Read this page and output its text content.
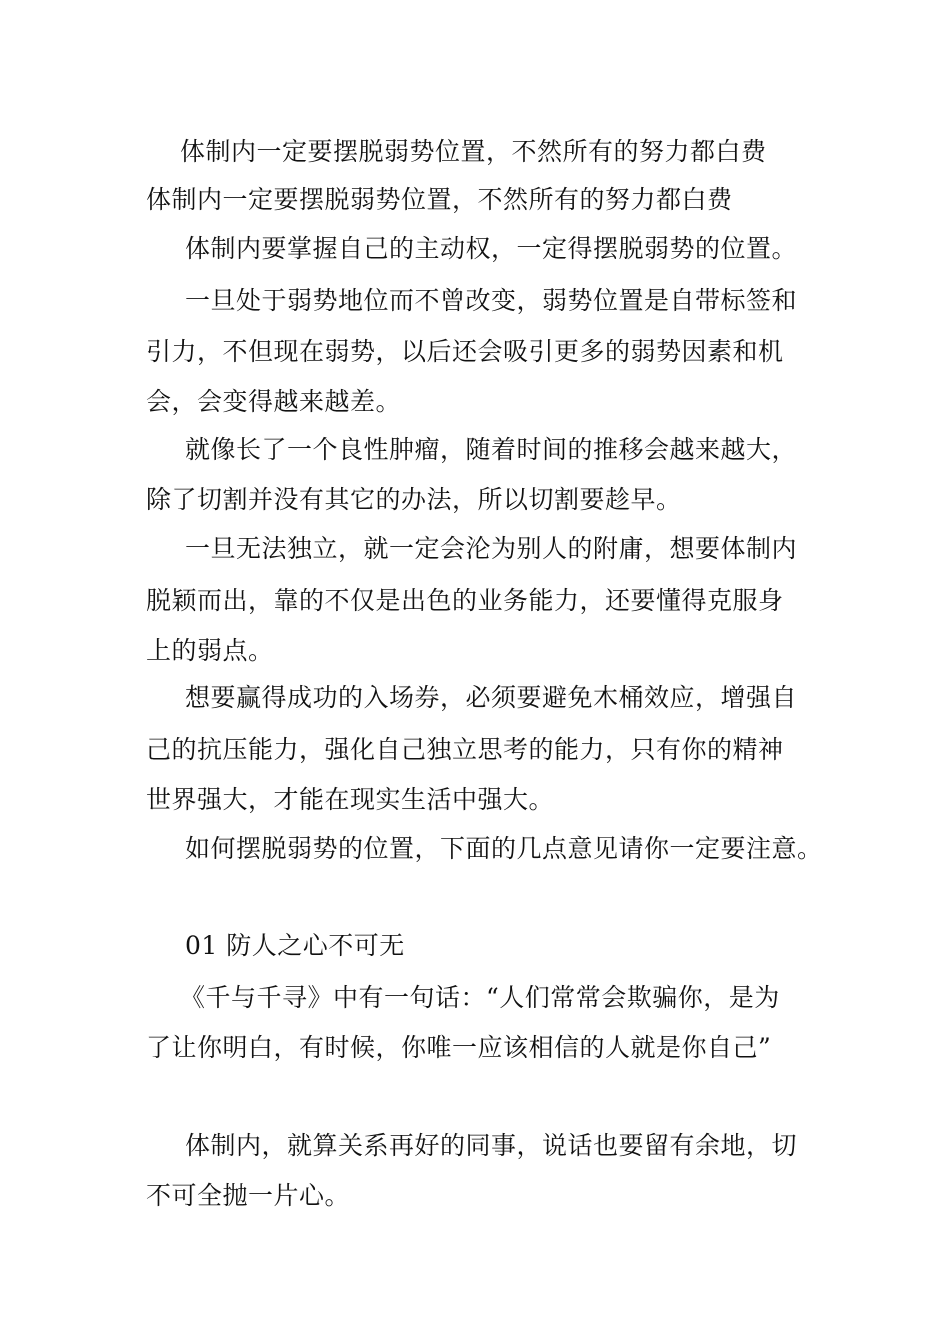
体制内一定要摆脱弱势位置，不然所有的努力都白费
体制内一定要摆脱弱势位置，不然所有的努力都白费
体制内要掌握自己的主动权，一定得摆脱弱势的位置。
一旦处于弱势地位而不曾改变，弱势位置是自带标签和
引力，不但现在弱势，以后还会吸引更多的弱势因素和机
会，会变得越来越差。
就像长了一个良性肿瘤，随着时间的推移会越来越大，
除了切割并没有其它的办法，所以切割要趁早。
一旦无法独立，就一定会沦为别人的附庸，想要体制内
脱颖而出，靠的不仅是出色的业务能力，还要懂得克服身
上的弱点。
想要赢得成功的入场券，必须要避免木桶效应，增强自
己的抗压能力，强化自己独立思考的能力，只有你的精神
世界强大，才能在现实生活中强大。
如何摆脱弱势的位置，下面的几点意见请你一定要注意。
01 防人之心不可无
《千与千寻》中有一句话：“人们常常会欺骗你，是为
了让你明白，有时候，你唯一应该相信的人就是你自己”
体制内，就算关系再好的同事，说话也要留有余地，切
不可全抛一片心。
